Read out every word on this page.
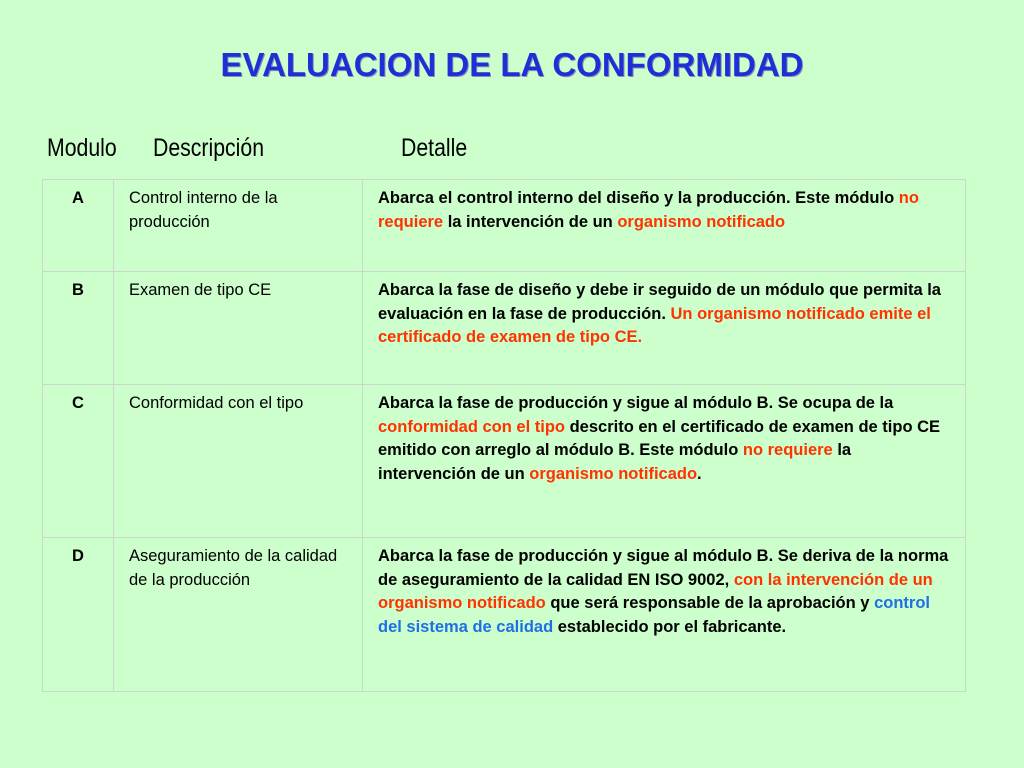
EVALUACION DE LA CONFORMIDAD
Modulo Descripción	Detalle
A	Control interno de la producción	Abarca el control interno del diseño y la producción. Este módulo no requiere la intervención de un organismo notificado
B	Examen de tipo CE	Abarca la fase de diseño y debe ir seguido de un módulo que permita la evaluación en la fase de producción. Un organismo notificado emite el certificado de examen de tipo CE.
C	Conformidad con el tipo	Abarca la fase de producción y sigue al módulo B. Se ocupa de la conformidad con el tipo descrito en el certificado de examen de tipo CE emitido con arreglo al módulo B. Este módulo no requiere la intervención de un organismo notificado.
D	Aseguramiento de la calidad de la producción	Abarca la fase de producción y sigue al módulo B. Se deriva de la norma de aseguramiento de la calidad EN ISO 9002, con la intervención de un organismo notificado que será responsable de la aprobación y control del sistema de calidad establecido por el fabricante.
